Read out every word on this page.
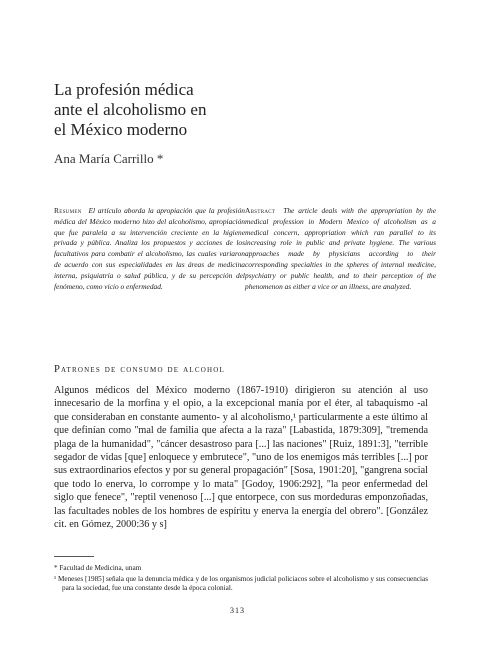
La profesión médica
ante el alcoholismo en
el México moderno

Ana María Carrillo *

Resumen El artículo aborda la apropiación que la profesión médica del México moderno hizo del alcoholismo, apropiación que fue paralela a su intervención creciente en la higiene privada y pública. Analiza los propuestos y acciones de los facultativos para combatir el alcoholismo, las cuales variaron de acuerdo con sus especialidades en las áreas de medicina interna, psiquiatría o salud pública, y de su percepción del fenómeno, como vicio o enfermedad.

Abstract The article deals with the appropriation by the medical profession in Modern Mexico of alcoholism as a medical concern, appropriation which ran parallel to its increasing role in public and private hygiene. The various approaches made by physicians according to their corresponding specialties in the spheres of internal medicine, psychiatry or public health, and to their perception of the phenomenon as either a vice or an illness, are analyzed.

Patrones de consumo de alcohol

Algunos médicos del México moderno (1867-1910) dirigieron su atención al uso innecesario de la morfina y el opio, a la excepcional manía por el éter, al tabaquismo -al que consideraban en constante aumento- y al alcoholismo,¹ particularmente a este último al que definían como "mal de familia que afecta a la raza" [Labastida, 1879:309], "tremenda plaga de la humanidad", "cáncer desastroso para [...] las naciones" [Ruiz, 1891:3], "terrible segador de vidas [que] enloquece y embrutece", "uno de los enemigos más terribles [...] por sus extraordinarios efectos y por su general propagación" [Sosa, 1901:20], "gangrena social que todo lo enerva, lo corrompe y lo mata" [Godoy, 1906:292], "la peor enfermedad del siglo que fenece", "reptil venenoso [...] que entorpece, con sus mordeduras emponzoñadas, las facultades nobles de los hombres de espíritu y enerva la energía del obrero". [González cit. en Gómez, 2000:36 y s]

* Facultad de Medicina, unam

¹ Meneses [1985] señala que la denuncia médica y de los organismos judicial policiacos sobre el alcoholismo y sus consecuencias para la sociedad, fue una constante desde la época colonial.

313
